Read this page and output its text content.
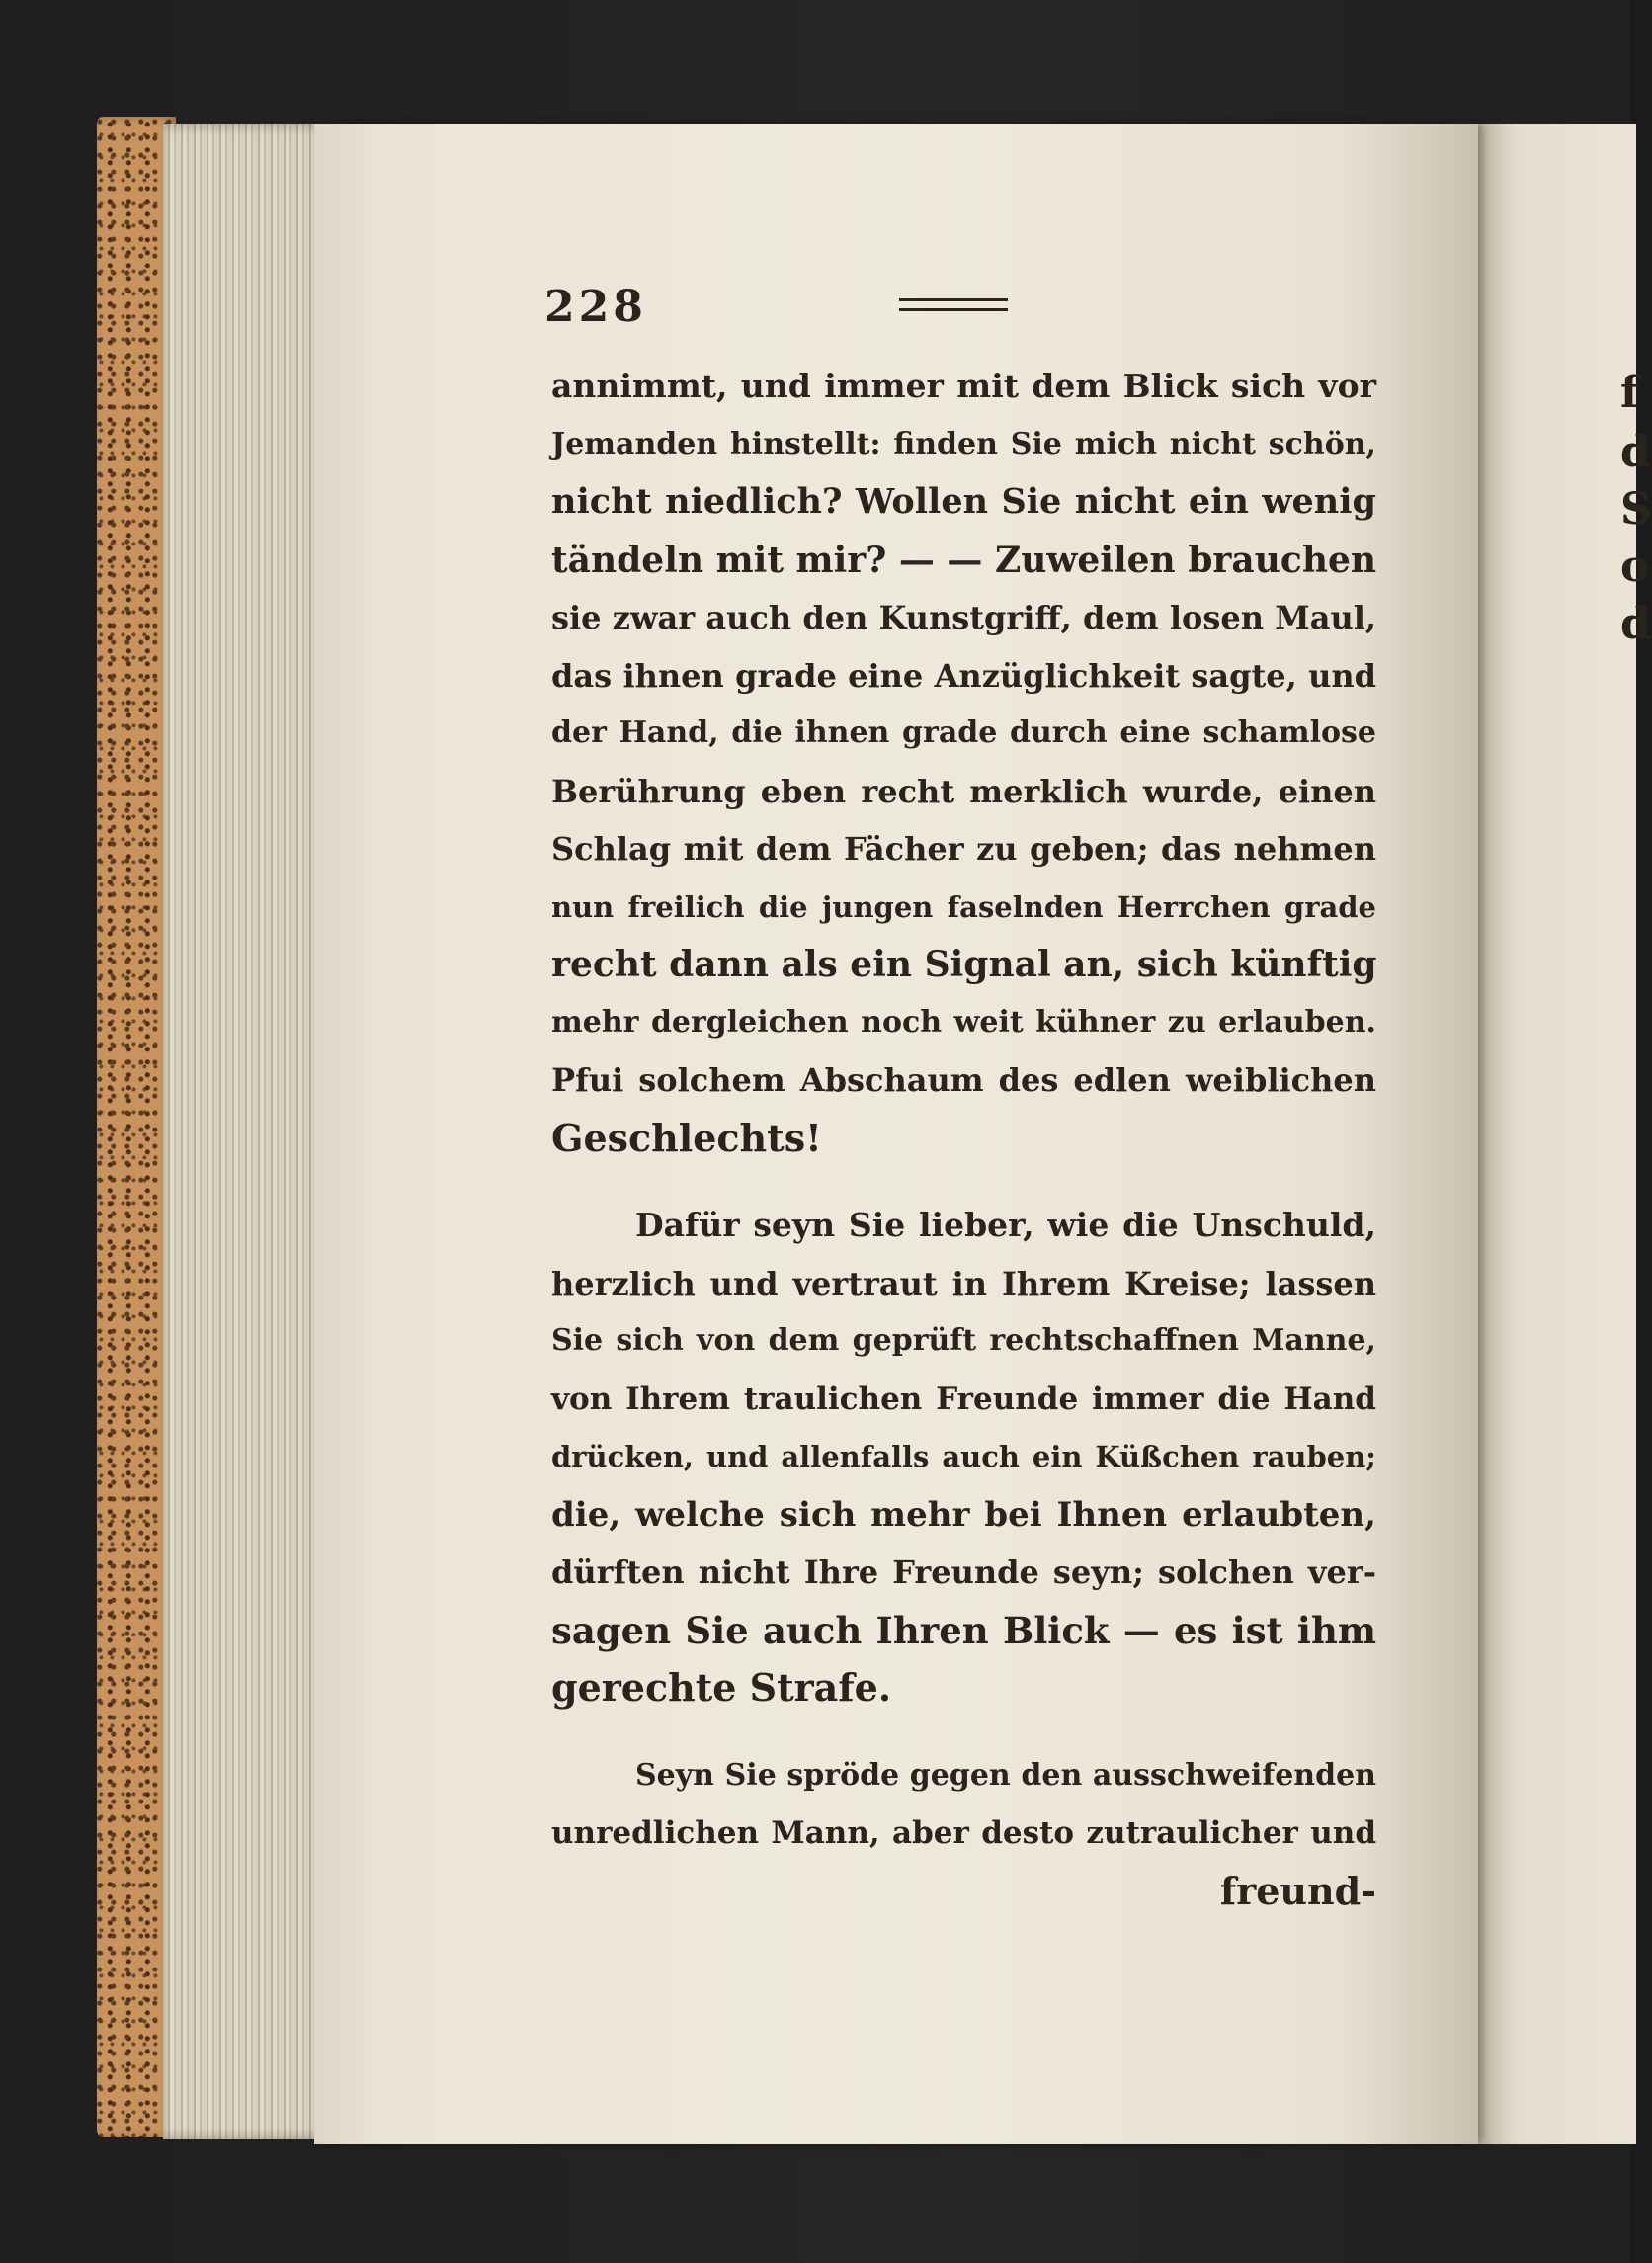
f
d
S
o
d
228
annimmt, und immer mit dem Blick sich vor
Jemanden hinstellt: finden Sie mich nicht schön,
nicht niedlich? Wollen Sie nicht ein wenig
tändeln mit mir? — — Zuweilen brauchen
sie zwar auch den Kunstgriff, dem losen Maul,
das ihnen grade eine Anzüglichkeit sagte, und
der Hand, die ihnen grade durch eine schamlose
Berührung eben recht merklich wurde, einen
Schlag mit dem Fächer zu geben; das nehmen
nun freilich die jungen faselnden Herrchen grade
recht dann als ein Signal an, sich künftig
mehr dergleichen noch weit kühner zu erlauben.
Pfui solchem Abschaum des edlen weiblichen
Geschlechts!
Dafür seyn Sie lieber, wie die Unschuld,
herzlich und vertraut in Ihrem Kreise; lassen
Sie sich von dem geprüft rechtschaffnen Manne,
von Ihrem traulichen Freunde immer die Hand
drücken, und allenfalls auch ein Küßchen rauben;
die, welche sich mehr bei Ihnen erlaubten,
dürften nicht Ihre Freunde seyn; solchen ver-
sagen Sie auch Ihren Blick — es ist ihm
gerechte Strafe.
Seyn Sie spröde gegen den ausschweifenden
unredlichen Mann, aber desto zutraulicher und
freund-
